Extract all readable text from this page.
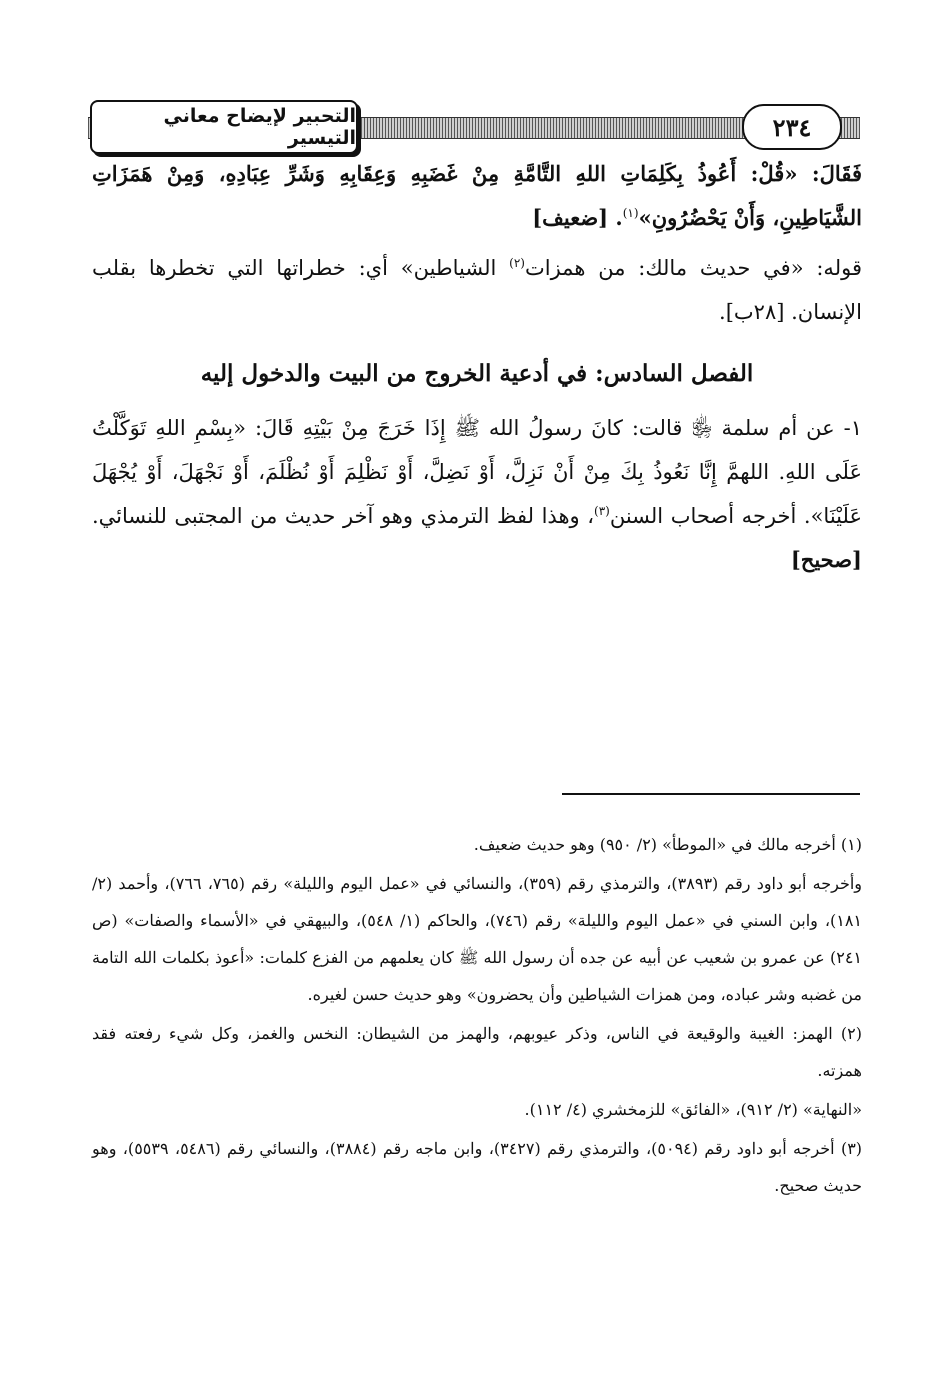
التحبير لإيضاح معاني التيسير	٢٣٤

فَقَالَ: «قُلْ: أَعُوذُ بِكَلِمَاتِ اللهِ التَّامَّةِ مِنْ غَضَبِهِ وَعِقَابِهِ وَشَرِّ عِبَادِهِ، وَمِنْ هَمَزَاتِ الشَّيَاطِينِ، وَأَنْ يَحْضُرُونِ»$^{(١)}$. [ضعيف]

قوله: «في حديث مالك: من همزات$^{(٢)}$ الشياطين» أي: خطراتها التي تخطرها بقلب الإنسان. [٢٨ب].

الفصل السادس: في أدعية الخروج من البيت والدخول إليه

١- عن أم سلمة ﵂ قالت: كانَ رسولُ الله ﷺ إِذَا خَرَجَ مِنْ بَيْتِهِ قَالَ: «بِسْمِ اللهِ تَوَكَّلْتُ عَلَى اللهِ. اللهمَّ إِنَّا نَعُوذُ بِكَ مِنْ أَنْ نَزِلَّ، أَوْ نَضِلَّ، أَوْ نَظْلِمَ أَوْ نُظْلَمَ، أَوْ نَجْهَلَ، أَوْ يُجْهَلَ عَلَيْنَا». أخرجه أصحاب السنن$^{(٣)}$، وهذا لفظ الترمذي وهو آخر حديث من المجتبى للنسائي. [صحيح]

(١) أخرجه مالك في «الموطأ» (٢/ ٩٥٠) وهو حديث ضعيف.

وأخرجه أبو داود رقم (٣٨٩٣)، والترمذي رقم (٣٥٩)، والنسائي في «عمل اليوم والليلة» رقم (٧٦٥، ٧٦٦)، وأحمد (٢/ ١٨١)، وابن السني في «عمل اليوم والليلة» رقم (٧٤٦)، والحاكم (١/ ٥٤٨)، والبيهقي في «الأسماء والصفات» (ص ٢٤١) عن عمرو بن شعيب عن أبيه عن جده أن رسول الله ﷺ كان يعلمهم من الفزع كلمات: «أعوذ بكلمات الله التامة من غضبه وشر عباده، ومن همزات الشياطين وأن يحضرون» وهو حديث حسن لغيره.

(٢) الهمز: الغيبة والوقيعة في الناس، وذكر عيوبهم، والهمز من الشيطان: النخس والغمز، وكل شيء رفعته فقد همزته.

«النهاية» (٢/ ٩١٢)، «الفائق» للزمخشري (٤/ ١١٢).

(٣) أخرجه أبو داود رقم (٥٠٩٤)، والترمذي رقم (٣٤٢٧)، وابن ماجه رقم (٣٨٨٤)، والنسائي رقم (٥٤٨٦، ٥٥٣٩)، وهو حديث صحيح.
